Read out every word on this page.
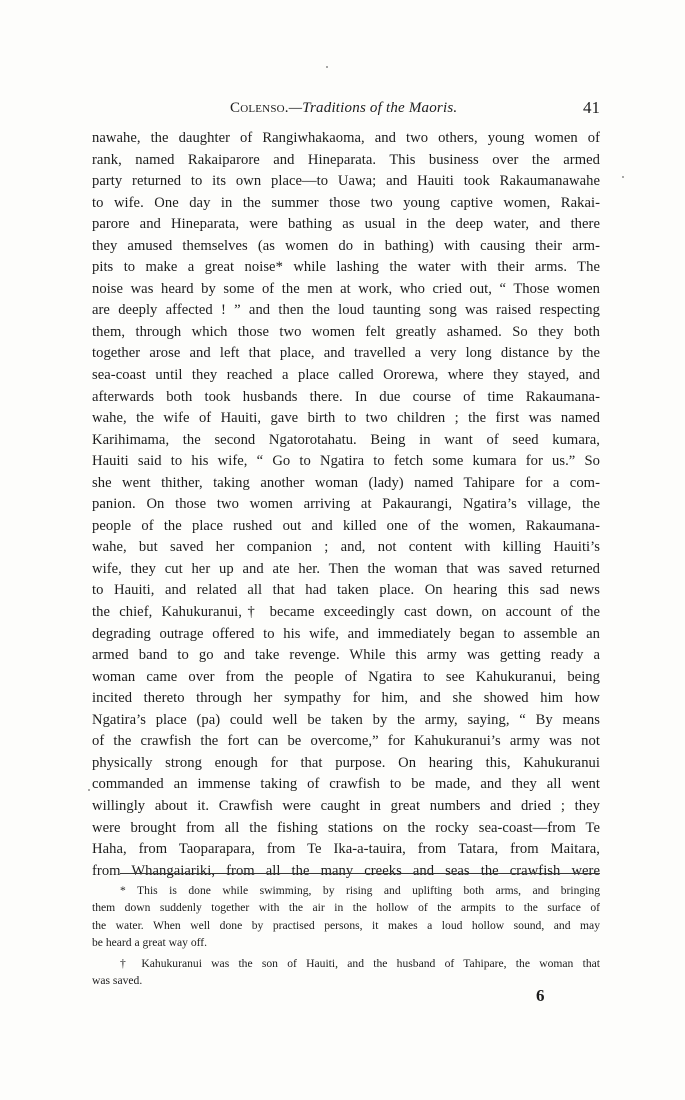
Colenso.—Traditions of the Maoris.	41
nawahe, the daughter of Rangiwhakaoma, and two others, young women of
rank, named Rakaiparore and Hineparata. This business over the armed
party returned to its own place—to Uawa; and Hauiti took Rakaumanawahe
to wife. One day in the summer those two young captive women, Rakai-
parore and Hineparata, were bathing as usual in the deep water, and there
they amused themselves (as women do in bathing) with causing their arm-
pits to make a great noise* while lashing the water with their arms. The
noise was heard by some of the men at work, who cried out, “ Those women
are deeply affected ! ” and then the loud taunting song was raised respecting
them, through which those two women felt greatly ashamed. So they both
together arose and left that place, and travelled a very long distance by the
sea-coast until they reached a place called Ororewa, where they stayed, and
afterwards both took husbands there. In due course of time Rakaumana-
wahe, the wife of Hauiti, gave birth to two children ; the first was named
Karihimama, the second Ngatorotahatu. Being in want of seed kumara,
Hauiti said to his wife, “ Go to Ngatira to fetch some kumara for us.” So
she went thither, taking another woman (lady) named Tahipare for a com-
panion. On those two women arriving at Pakaurangi, Ngatira’s village, the
people of the place rushed out and killed one of the women, Rakaumana-
wahe, but saved her companion ; and, not content with killing Hauiti’s
wife, they cut her up and ate her. Then the woman that was saved returned
to Hauiti, and related all that had taken place. On hearing this sad news
the chief, Kahukuranui,† became exceedingly cast down, on account of the
degrading outrage offered to his wife, and immediately began to assemble an
armed band to go and take revenge. While this army was getting ready a
woman came over from the people of Ngatira to see Kahukuranui, being
incited thereto through her sympathy for him, and she showed him how
Ngatira’s place (pa) could well be taken by the army, saying, “ By means
of the crawfish the fort can be overcome,” for Kahukuranui’s army was not
physically strong enough for that purpose. On hearing this, Kahukuranui
commanded an immense taking of crawfish to be made, and they all went
willingly about it. Crawfish were caught in great numbers and dried ; they
were brought from all the fishing stations on the rocky sea-coast—from Te
Haha, from Taoparapara, from Te Ika-a-tauira, from Tatara, from Maitara,
from Whangaiariki, from all the many creeks and seas the crawfish were
* This is done while swimming, by rising and uplifting both arms, and bringing
them down suddenly together with the air in the hollow of the armpits to the surface of
the water. When well done by practised persons, it makes a loud hollow sound, and may
be heard a great way off.
† Kahukuranui was the son of Hauiti, and the husband of Tahipare, the woman that
was saved.
6
